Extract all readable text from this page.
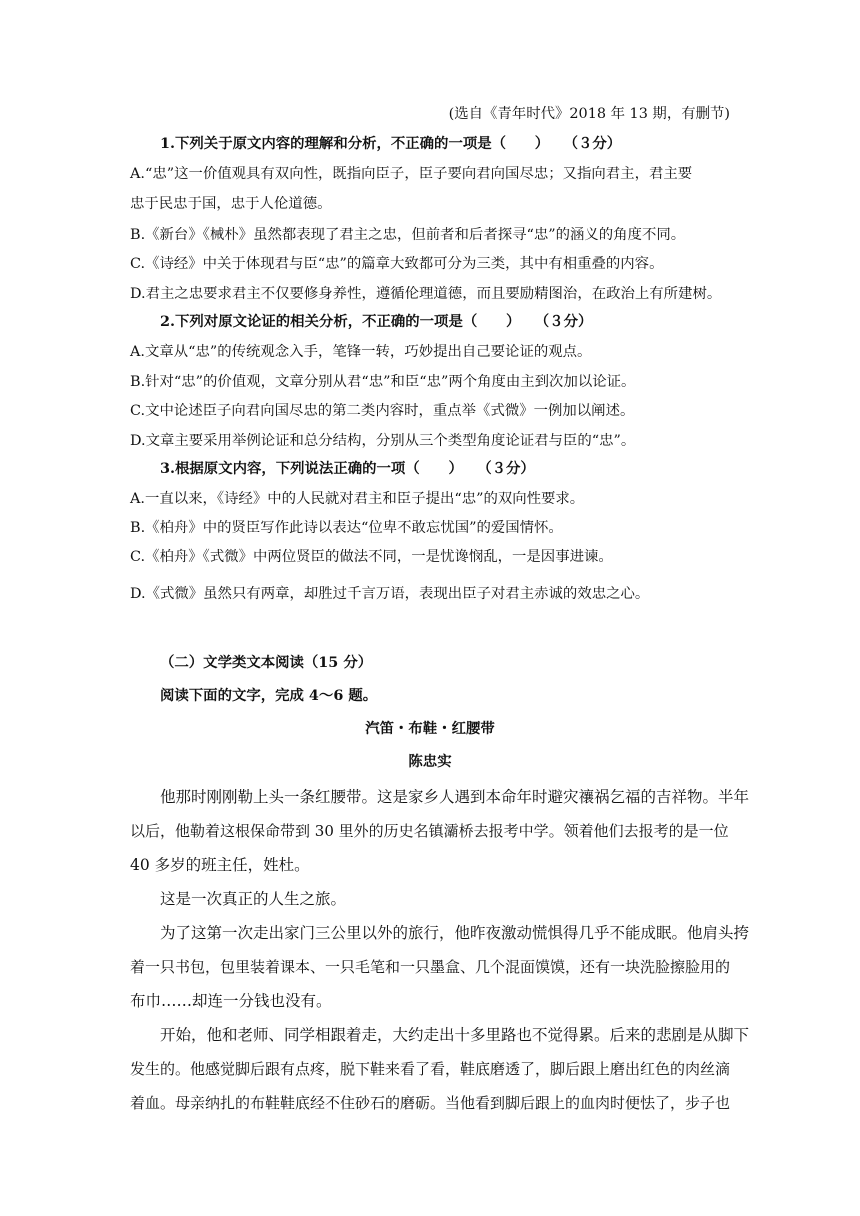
(选自《青年时代》2018 年 13 期，有删节)
1.下列关于原文内容的理解和分析，不正确的一项是（　　）　　（３分）
A.“忠”这一价值观具有双向性，既指向臣子，臣子要向君向国尽忠；又指向君主，君主要
忠于民忠于国，忠于人伦道德。
B.《新台》《械朴》虽然都表现了君主之忠，但前者和后者探寻“忠”的涵义的角度不同。
C.《诗经》中关于体现君与臣“忠”的篇章大致都可分为三类，其中有相重叠的内容。
D.君主之忠要求君主不仅要修身养性，遵循伦理道德，而且要励精图治，在政治上有所建树。
2.下列对原文论证的相关分析，不正确的一项是（　　）　　（３分）
A.文章从“忠”的传统观念入手，笔锋一转，巧妙提出自己要论证的观点。
B.针对“忠”的价值观，文章分别从君“忠”和臣“忠”两个角度由主到次加以论证。
C.文中论述臣子向君向国尽忠的第二类内容时，重点举《式微》一例加以阐述。
D.文章主要采用举例论证和总分结构，分别从三个类型角度论证君与臣的“忠”。
3.根据原文内容，下列说法正确的一项（　　）　　（３分）
A.一直以来，《诗经》中的人民就对君主和臣子提出“忠”的双向性要求。
B.《柏舟》中的贤臣写作此诗以表达“位卑不敢忘忧国”的爱国情怀。
C.《柏舟》《式微》中两位贤臣的做法不同，一是忧谗悯乱，一是因事进谏。
D.《式微》虽然只有两章，却胜过千言万语，表现出臣子对君主赤诚的效忠之心。
（二）文学类文本阅读（15 分）
阅读下面的文字，完成 4～6 题。
汽笛・布鞋・红腰带
陈忠实
他那时刚刚勒上头一条红腰带。这是家乡人遇到本命年时避灾禳祸乞福的吉祥物。半年
以后，他勒着这根保命带到 30 里外的历史名镇灞桥去报考中学。领着他们去报考的是一位
40 多岁的班主任，姓杜。
这是一次真正的人生之旅。
为了这第一次走出家门三公里以外的旅行，他昨夜激动慌惧得几乎不能成眠。他肩头挎
着一只书包，包里装着课本、一只毛笔和一只墨盒、几个混面馍馍，还有一块洗脸擦脸用的
布巾……却连一分钱也没有。
开始，他和老师、同学相跟着走，大约走出十多里路也不觉得累。后来的悲剧是从脚下
发生的。他感觉脚后跟有点疼，脱下鞋来看了看，鞋底磨透了，脚后跟上磨出红色的肉丝滴
着血。母亲纳扎的布鞋鞋底经不住砂石的磨砺。当他看到脚后跟上的血肉时便怯了，步子也
